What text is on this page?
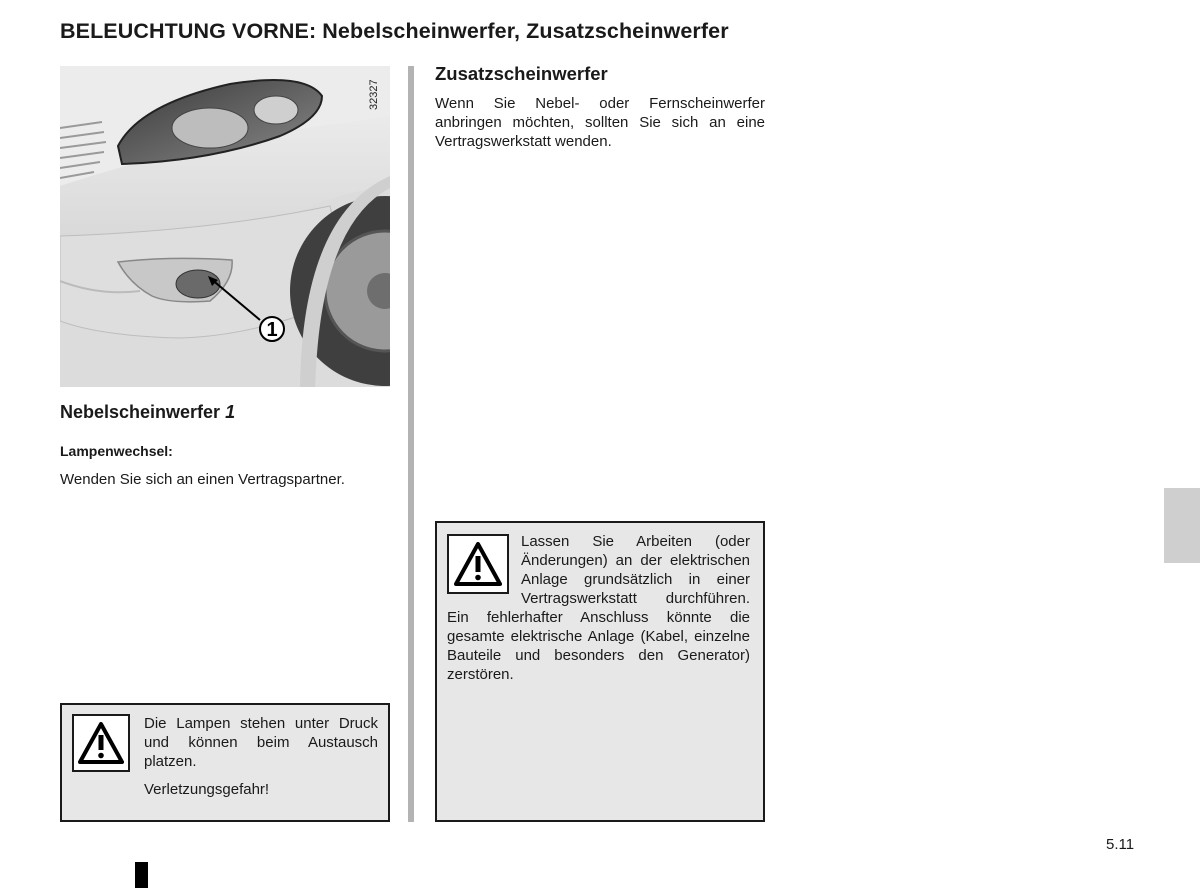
BELEUCHTUNG VORNE: Nebelscheinwerfer, Zusatzscheinwerfer
1
32327
Nebelscheinwerfer 1
Lampenwechsel:
Wenden Sie sich an einen Vertragspartner.

Die Lampen stehen unter Druck und können beim Austausch platzen.

Verletzungsgefahr!

Zusatzscheinwerfer
Wenn Sie Nebel- oder Fernscheinwerfer anbringen möchten, sollten Sie sich an eine Vertragswerkstatt wenden.
Lassen Sie Arbeiten (oder Änderungen) an der elektrischen Anlage grundsätzlich in einer Vertragswerkstatt durchführen. Ein fehlerhafter Anschluss könnte die gesamte elektrische Anlage (Kabel, einzelne Bauteile und besonders den Generator) zerstören.
5.11
